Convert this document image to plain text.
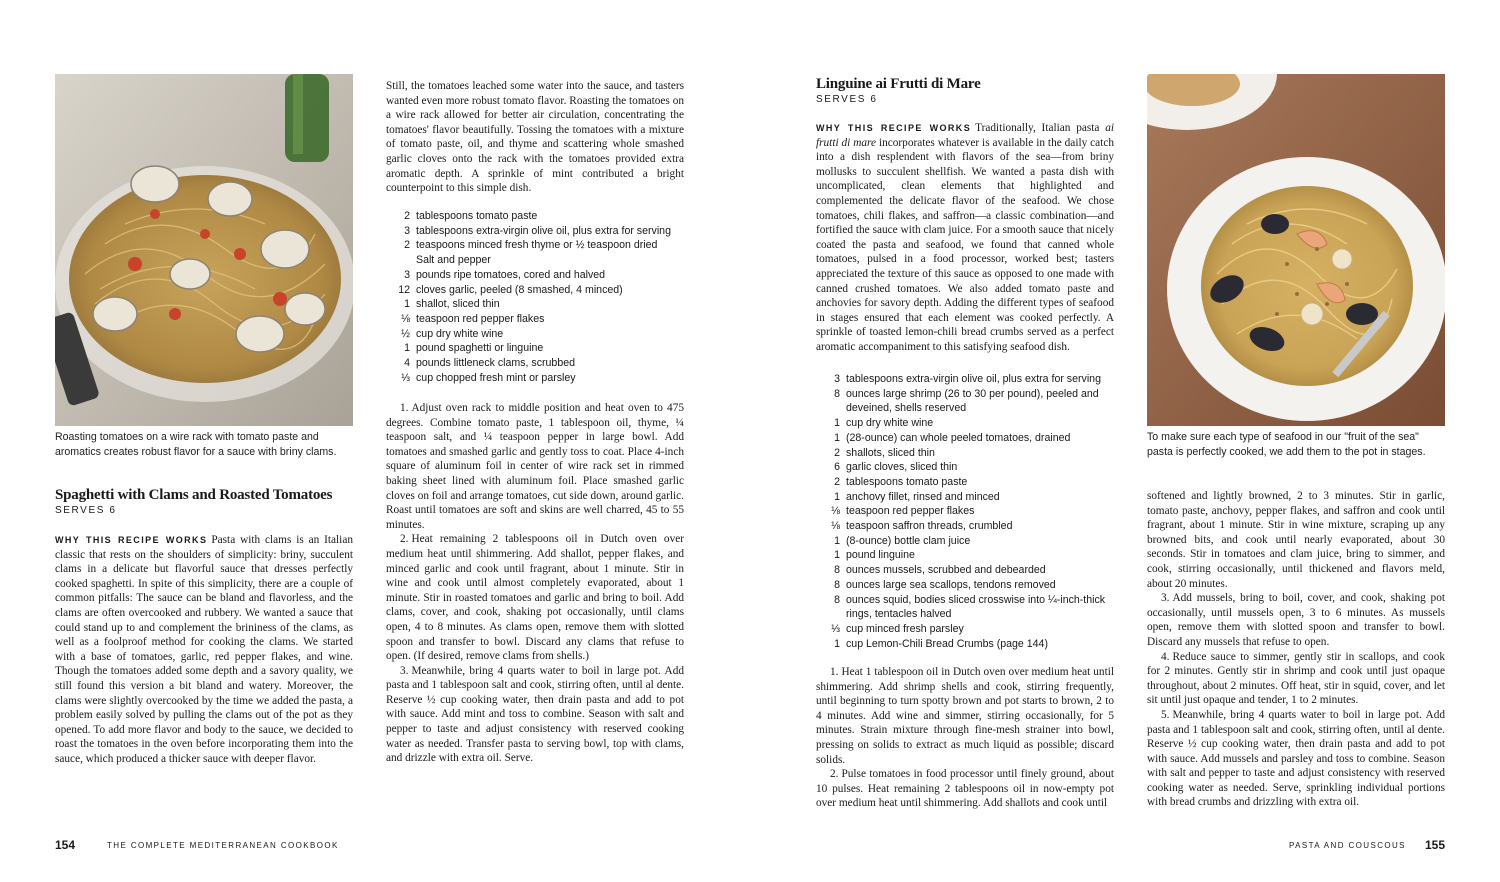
Roasting tomatoes on a wire rack with tomato paste and aromatics creates robust flavor for a sauce with briny clams.
Spaghetti with Clams and Roasted Tomatoes
SERVES 6

WHY THIS RECIPE WORKS Pasta with clams is an Italian classic that rests on the shoulders of simplicity: briny, succulent clams in a delicate but flavorful sauce that dresses perfectly cooked spaghetti. In spite of this simplicity, there are a couple of common pitfalls: The sauce can be bland and flavorless, and the clams are often overcooked and rubbery. We wanted a sauce that could stand up to and complement the brininess of the clams, as well as a foolproof method for cooking the clams. We started with a base of tomatoes, garlic, red pepper flakes, and wine. Though the tomatoes added some depth and a savory quality, we still found this version a bit bland and watery. Moreover, the clams were slightly overcooked by the time we added the pasta, a problem easily solved by pulling the clams out of the pot as they opened. To add more flavor and body to the sauce, we decided to roast the tomatoes in the oven before incorporating them into the sauce, which produced a thicker sauce with deeper flavor.

Still, the tomatoes leached some water into the sauce, and tasters wanted even more robust tomato flavor. Roasting the tomatoes on a wire rack allowed for better air circulation, concentrating the tomatoes' flavor beautifully. Tossing the tomatoes with a mixture of tomato paste, oil, and thyme and scattering whole smashed garlic cloves onto the rack with the tomatoes provided extra aromatic depth. A sprinkle of mint contributed a bright counterpoint to this simple dish.

2 tablespoons tomato paste
3 tablespoons extra-virgin olive oil, plus extra for serving
2 teaspoons minced fresh thyme or ½ teaspoon dried
Salt and pepper
3 pounds ripe tomatoes, cored and halved
12 cloves garlic, peeled (8 smashed, 4 minced)
1 shallot, sliced thin
⅛ teaspoon red pepper flakes
½ cup dry white wine
1 pound spaghetti or linguine
4 pounds littleneck clams, scrubbed
⅓ cup chopped fresh mint or parsley

1. Adjust oven rack to middle position and heat oven to 475 degrees. Combine tomato paste, 1 tablespoon oil, thyme, ¼ teaspoon salt, and ¼ teaspoon pepper in large bowl. Add tomatoes and smashed garlic and gently toss to coat. Place 4-inch square of aluminum foil in center of wire rack set in rimmed baking sheet lined with aluminum foil. Place smashed garlic cloves on foil and arrange tomatoes, cut side down, around garlic. Roast until tomatoes are soft and skins are well charred, 45 to 55 minutes.

2. Heat remaining 2 tablespoons oil in Dutch oven over medium heat until shimmering. Add shallot, pepper flakes, and minced garlic and cook until fragrant, about 1 minute. Stir in wine and cook until almost completely evaporated, about 1 minute. Stir in roasted tomatoes and garlic and bring to boil. Add clams, cover, and cook, shaking pot occasionally, until clams open, 4 to 8 minutes. As clams open, remove them with slotted spoon and transfer to bowl. Discard any clams that refuse to open. (If desired, remove clams from shells.)

3. Meanwhile, bring 4 quarts water to boil in large pot. Add pasta and 1 tablespoon salt and cook, stirring often, until al dente. Reserve ½ cup cooking water, then drain pasta and add to pot with sauce. Add mint and toss to combine. Season with salt and pepper to taste and adjust consistency with reserved cooking water as needed. Transfer pasta to serving bowl, top with clams, and drizzle with extra oil. Serve.

154	THE COMPLETE MEDITERRANEAN COOKBOOK
Linguine ai Frutti di Mare
SERVES 6

WHY THIS RECIPE WORKS Traditionally, Italian pasta ai frutti di mare incorporates whatever is available in the daily catch into a dish resplendent with flavors of the sea—from briny mollusks to succulent shellfish. We wanted a pasta dish with uncomplicated, clean elements that highlighted and complemented the delicate flavor of the seafood. We chose tomatoes, chili flakes, and saffron—a classic combination—and fortified the sauce with clam juice. For a smooth sauce that nicely coated the pasta and seafood, we found that canned whole tomatoes, pulsed in a food processor, worked best; tasters appreciated the texture of this sauce as opposed to one made with canned crushed tomatoes. We also added tomato paste and anchovies for savory depth. Adding the different types of seafood in stages ensured that each element was cooked perfectly. A sprinkle of toasted lemon-chili bread crumbs served as a perfect aromatic accompaniment to this satisfying seafood dish.

3 tablespoons extra-virgin olive oil, plus extra for serving
8 ounces large shrimp (26 to 30 per pound), peeled and deveined, shells reserved
1 cup dry white wine
1 (28-ounce) can whole peeled tomatoes, drained
2 shallots, sliced thin
6 garlic cloves, sliced thin
2 tablespoons tomato paste
1 anchovy fillet, rinsed and minced
⅛ teaspoon red pepper flakes
⅛ teaspoon saffron threads, crumbled
1 (8-ounce) bottle clam juice
1 pound linguine
8 ounces mussels, scrubbed and debearded
8 ounces large sea scallops, tendons removed
8 ounces squid, bodies sliced crosswise into ¼-inch-thick rings, tentacles halved
⅓ cup minced fresh parsley
1 cup Lemon-Chili Bread Crumbs (page 144)

1. Heat 1 tablespoon oil in Dutch oven over medium heat until shimmering. Add shrimp shells and cook, stirring frequently, until beginning to turn spotty brown and pot starts to brown, 2 to 4 minutes. Add wine and simmer, stirring occasionally, for 5 minutes. Strain mixture through fine-mesh strainer into bowl, pressing on solids to extract as much liquid as possible; discard solids.

2. Pulse tomatoes in food processor until finely ground, about 10 pulses. Heat remaining 2 tablespoons oil in now-empty pot over medium heat until shimmering. Add shallots and cook until

To make sure each type of seafood in our "fruit of the sea" pasta is perfectly cooked, we add them to the pot in stages.

softened and lightly browned, 2 to 3 minutes. Stir in garlic, tomato paste, anchovy, pepper flakes, and saffron and cook until fragrant, about 1 minute. Stir in wine mixture, scraping up any browned bits, and cook until nearly evaporated, about 30 seconds. Stir in tomatoes and clam juice, bring to simmer, and cook, stirring occasionally, until thickened and flavors meld, about 20 minutes.

3. Add mussels, bring to boil, cover, and cook, shaking pot occasionally, until mussels open, 3 to 6 minutes. As mussels open, remove them with slotted spoon and transfer to bowl. Discard any mussels that refuse to open.

4. Reduce sauce to simmer, gently stir in scallops, and cook for 2 minutes. Gently stir in shrimp and cook until just opaque throughout, about 2 minutes. Off heat, stir in squid, cover, and let sit until just opaque and tender, 1 to 2 minutes.

5. Meanwhile, bring 4 quarts water to boil in large pot. Add pasta and 1 tablespoon salt and cook, stirring often, until al dente. Reserve ½ cup cooking water, then drain pasta and add to pot with sauce. Add mussels and parsley and toss to combine. Season with salt and pepper to taste and adjust consistency with reserved cooking water as needed. Serve, sprinkling individual portions with bread crumbs and drizzling with extra oil.

PASTA AND COUSCOUS 155
